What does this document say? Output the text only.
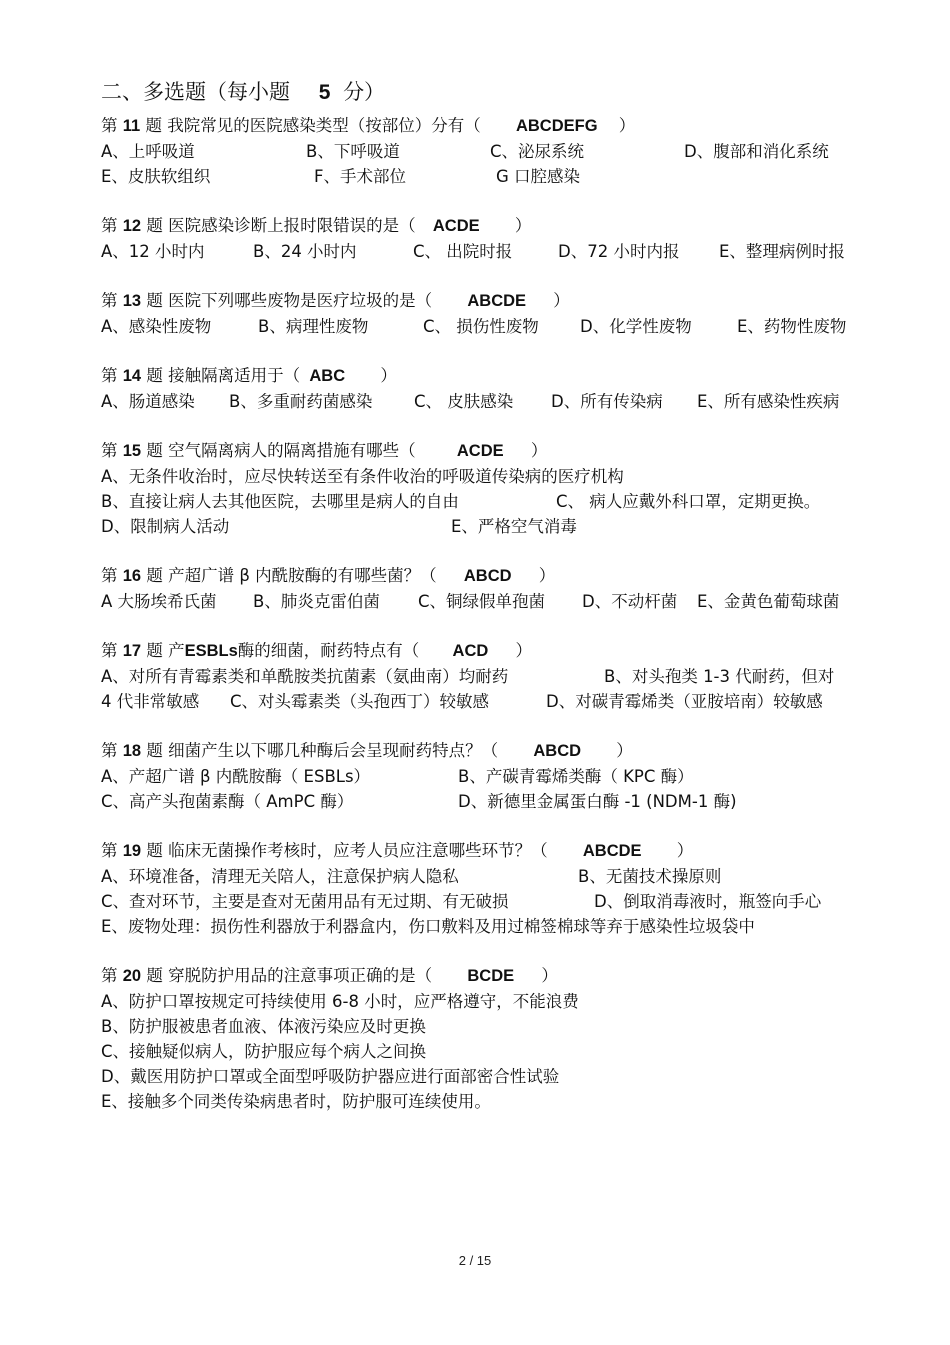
二、多选题（每小题 5 分）
第 11 题 我院常见的医院感染类型（按部位）分有（ ABCDEFG ）
A、上呼吸道	B、下呼吸道	C、泌尿系统	D、腹部和消化系统
E、皮肤软组织	F、手术部位	G 口腔感染
第 12 题 医院感染诊断上报时限错误的是（ ACDE ）
A、12 小时内	B、24 小时内	C、 出院时报	D、72 小时内报 E、整理病例时报
第 13 题 医院下列哪些废物是医疗垃圾的是（ ABCDE ）
A、感染性废物	B、病理性废物	C、 损伤性废物 D、化学性废物	E、药物性废物
第 14 题 接触隔离适用于（ ABC ）
A、肠道感染 B、多重耐药菌感染	C、 皮肤感染 D、所有传染病 E、所有感染性疾病
第 15 题 空气隔离病人的隔离措施有哪些（	ACDE ）
A、无条件收治时，应尽快转送至有条件收治的呼吸道传染病的医疗机构
B、直接让病人去其他医院，去哪里是病人的自由	C、 病人应戴外科口罩，定期更换。
D、限制病人活动	E、严格空气消毒
第 16 题 产超广谱 β 内酰胺酶的有哪些菌？（ ABCD ）
A 大肠埃希氏菌 B、肺炎克雷伯菌 C、铜绿假单孢菌 D、不动杆菌 E、金黄色葡萄球菌
第 17 题 产ESBLs酶的细菌，耐药特点有（ ACD ）
A、对所有青霉素类和单酰胺类抗菌素（氨曲南）均耐药	B、对头孢类 1-3 代耐药，但对
4 代非常敏感 C、对头霉素类（头孢西丁）较敏感	D、对碳青霉烯类（亚胺培南）较敏感
第 18 题 细菌产生以下哪几种酶后会呈现耐药特点？（ ABCD ）
A、产超广谱 β 内酰胺酶（ ESBLs）	B、产碳青霉烯类酶（ KPC 酶）
C、高产头孢菌素酶（ AmPC 酶）	D、新德里金属蛋白酶 -1 (NDM-1 酶)
第 19 题 临床无菌操作考核时，应考人员应注意哪些环节？（ ABCDE ）
A、环境准备，清理无关陪人，注意保护病人隐私	B、无菌技术操原则
C、查对环节，主要是查对无菌用品有无过期、有无破损	D、倒取消毒液时，瓶签向手心
E、废物处理：损伤性利器放于利器盒内，伤口敷料及用过棉签棉球等弃于感染性垃圾袋中
第 20 题 穿脱防护用品的注意事项正确的是（ BCDE ）
A、防护口罩按规定可持续使用 6-8 小时，应严格遵守，不能浪费
B、防护服被患者血液、体液污染应及时更换
C、接触疑似病人，防护服应每个病人之间换
D、戴医用防护口罩或全面型呼吸防护器应进行面部密合性试验
E、接触多个同类传染病患者时，防护服可连续使用。
2 / 15
